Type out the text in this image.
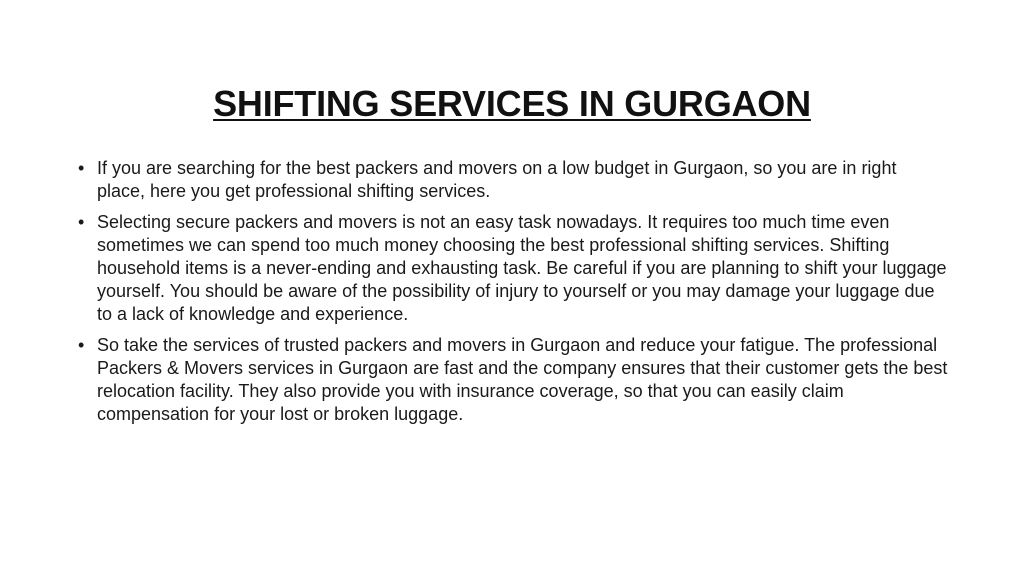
SHIFTING SERVICES IN GURGAON
• If you are searching for the best packers and movers on a low budget in Gurgaon, so you are in right place, here you get professional shifting services.
• Selecting secure packers and movers is not an easy task nowadays. It requires too much time even sometimes we can spend too much money choosing the best professional shifting services. Shifting household items is a never-ending and exhausting task. Be careful if you are planning to shift your luggage yourself. You should be aware of the possibility of injury to yourself or you may damage your luggage due to a lack of knowledge and experience.
• So take the services of trusted packers and movers in Gurgaon and reduce your fatigue. The professional Packers & Movers services in Gurgaon are fast and the company ensures that their customer gets the best relocation facility. They also provide you with insurance coverage, so that you can easily claim compensation for your lost or broken luggage.
